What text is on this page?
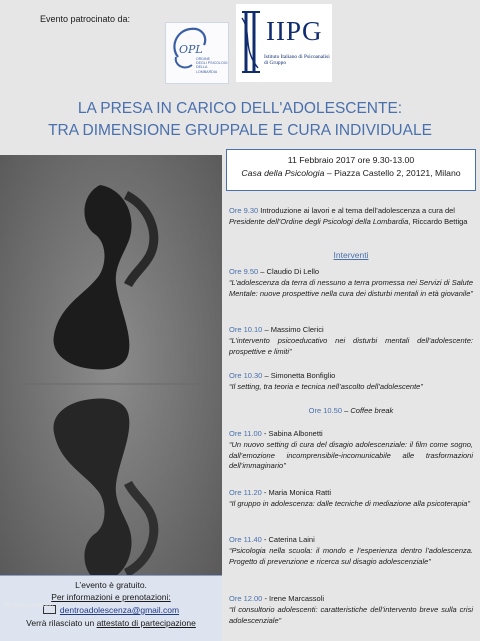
Evento patrocinato da:
OPL
ORDINE
DEGLI PSICOLOGI
DELLA LOMBARDIA
IIPG
Istituto Italiano di Psicoanalisi di Gruppo
LA PRESA IN CARICO DELL'ADOLESCENTE:
TRA DIMENSIONE GRUPPALE E CURA INDIVIDUALE
L’evento è gratuito.
Per informazioni e prenotazioni:
dentroadolescenza@gmail.com
Verrà rilasciato un attestato di partecipazione
Ph. Beatrice Fanzago
11 Febbraio 2017 ore 9.30-13.00
Casa della Psicologia – Piazza Castello 2, 20121, Milano
Ore 9.30 Introduzione ai lavori e al tema dell’adolescenza a cura del Presidente dell’Ordine degli Psicologi della Lombardia, Riccardo Bettiga
Interventi
Ore 9.50 – Claudio Di Lello
“L’adolescenza da terra di nessuno a terra promessa nei Servizi di Salute Mentale: nuove prospettive nella cura dei disturbi mentali in età giovanile”
Ore 10.10 – Massimo Clerici
“L’intervento psicoeducativo nei disturbi mentali dell’adolescente: prospettive e limiti”
Ore 10.30 – Simonetta Bonfiglio
“Il setting, tra teoria e tecnica nell’ascolto dell’adolescente”
Ore 10.50 – Coffee break
Ore 11.00 - Sabina Albonetti
“Un nuovo setting di cura del disagio adolescenziale: il film come sogno, dall’emozione incomprensibile-incomunicabile alle trasformazioni dell’immaginario”
Ore 11.20 - Maria Monica Ratti
“Il gruppo in adolescenza: dalle tecniche di mediazione alla psicoterapia”
Ore 11.40 - Caterina Laini
“Psicologia nella scuola: il mondo e l’esperienza dentro l’adolescenza. Progetto di prevenzione e ricerca sul disagio adolescenziale”
Ore 12.00 - Irene Marcassoli
“Il consultorio adolescenti: caratteristiche dell’intervento breve sulla crisi adolescenziale”
